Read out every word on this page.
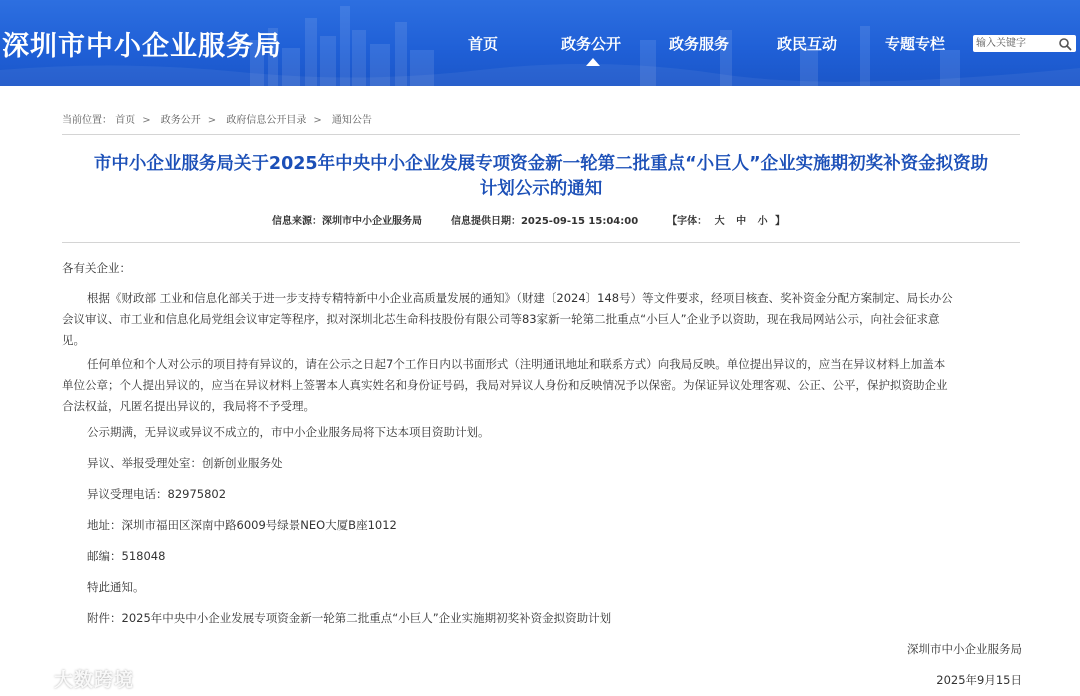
深圳市中小企业服务局	首页	政务公开	政务服务	政民互动	专题专栏
输入关键字
当前位置： 首页 > 政务公开 > 政府信息公开目录 > 通知公告
市中小企业服务局关于2025年中央中小企业发展专项资金新一轮第二批重点“小巨人”企业实施期初奖补资金拟资助
计划公示的通知
信息来源：深圳市中小企业服务局	信息提供日期：2025-09-15 15:04:00	【字体： 大 中 小 】

各有关企业：

根据《财政部 工业和信息化部关于进一步支持专精特新中小企业高质量发展的通知》（财建〔2024〕148号）等文件要求，经项目核查、奖补资金分配方案制定、局长办公

会议审议、市工业和信息化局党组会议审定等程序，拟对深圳北芯生命科技股份有限公司等83家新一轮第二批重点“小巨人”企业予以资助，现在我局网站公示，向社会征求意

见。

任何单位和个人对公示的项目持有异议的，请在公示之日起7个工作日内以书面形式（注明通讯地址和联系方式）向我局反映。单位提出异议的，应当在异议材料上加盖本

单位公章；个人提出异议的，应当在异议材料上签署本人真实姓名和身份证号码，我局对异议人身份和反映情况予以保密。为保证异议处理客观、公正、公平，保护拟资助企业

合法权益，凡匿名提出异议的，我局将不予受理。

公示期满，无异议或异议不成立的，市中小企业服务局将下达本项目资助计划。

异议、举报受理处室：创新创业服务处

异议受理电话：82975802

地址：深圳市福田区深南中路6009号绿景NEO大厦B座1012

邮编：518048

特此通知。

附件：2025年中央中小企业发展专项资金新一轮第二批重点“小巨人”企业实施期初奖补资金拟资助计划

深圳市中小企业服务局
2025年9月15日
大数跨境
